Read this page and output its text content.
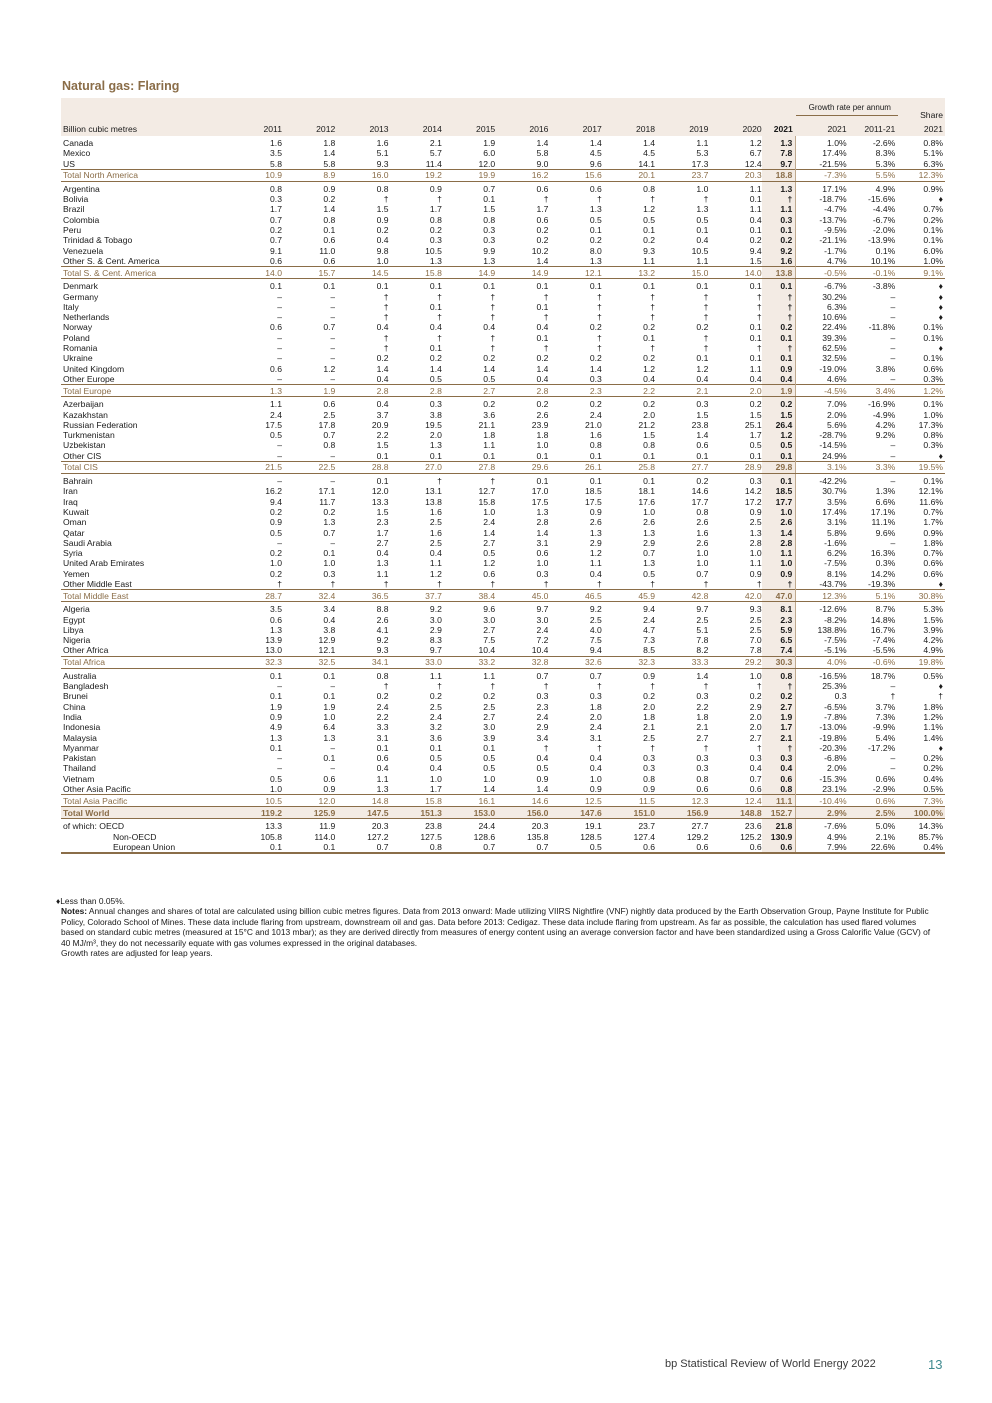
Natural gas: Flaring
												Growth rate per annum		Share
Billion cubic metres	2011	2012	2013	2014	2015	2016	2017	2018	2019	2020	2021	2021	2011-21	2021
Canada	1.6	1.8	1.6	2.1	1.9	1.4	1.4	1.4	1.1	1.2	1.3	1.0%	-2.6%	0.8%
Mexico	3.5	1.4	5.1	5.7	6.0	5.8	4.5	4.5	5.3	6.7	7.8	17.4%	8.3%	5.1%
US	5.8	5.8	9.3	11.4	12.0	9.0	9.6	14.1	17.3	12.4	9.7	-21.5%	5.3%	6.3%
Total North America	10.9	8.9	16.0	19.2	19.9	16.2	15.6	20.1	23.7	20.3	18.8	-7.3%	5.5%	12.3%
Argentina	0.8	0.9	0.8	0.9	0.7	0.6	0.6	0.8	1.0	1.1	1.3	17.1%	4.9%	0.9%
Bolivia	0.3	0.2	†	†	0.1	†	†	†	†	0.1	†	-18.7%	-15.6%	♦
Brazil	1.7	1.4	1.5	1.7	1.5	1.7	1.3	1.2	1.3	1.1	1.1	-4.7%	-4.4%	0.7%
Colombia	0.7	0.8	0.9	0.8	0.8	0.6	0.5	0.5	0.5	0.4	0.3	-13.7%	-6.7%	0.2%
Peru	0.2	0.1	0.2	0.2	0.3	0.2	0.1	0.1	0.1	0.1	0.1	-9.5%	-2.0%	0.1%
Trinidad & Tobago	0.7	0.6	0.4	0.3	0.3	0.2	0.2	0.2	0.4	0.2	0.2	-21.1%	-13.9%	0.1%
Venezuela	9.1	11.0	9.8	10.5	9.9	10.2	8.0	9.3	10.5	9.4	9.2	-1.7%	0.1%	6.0%
Other S. & Cent. America	0.6	0.6	1.0	1.3	1.3	1.4	1.3	1.1	1.1	1.5	1.6	4.7%	10.1%	1.0%
Total S. & Cent. America	14.0	15.7	14.5	15.8	14.9	14.9	12.1	13.2	15.0	14.0	13.8	-0.5%	-0.1%	9.1%
Denmark	0.1	0.1	0.1	0.1	0.1	0.1	0.1	0.1	0.1	0.1	0.1	-6.7%	-3.8%	♦
Germany	–	–	†	†	†	†	†	†	†	†	†	30.2%	–	♦
Italy	–	–	†	0.1	†	0.1	†	†	†	†	†	6.3%	–	♦
Netherlands	–	–	†	†	†	†	†	†	†	†	†	10.6%	–	♦
Norway	0.6	0.7	0.4	0.4	0.4	0.4	0.2	0.2	0.2	0.1	0.2	22.4%	-11.8%	0.1%
Poland	–	–	†	†	†	0.1	†	0.1	†	0.1	0.1	39.3%	–	0.1%
Romania	–	–	†	0.1	†	†	†	†	†	†	†	62.5%	–	♦
Ukraine	–	–	0.2	0.2	0.2	0.2	0.2	0.2	0.1	0.1	0.1	32.5%	–	0.1%
United Kingdom	0.6	1.2	1.4	1.4	1.4	1.4	1.4	1.2	1.2	1.1	0.9	-19.0%	3.8%	0.6%
Other Europe	–	–	0.4	0.5	0.5	0.4	0.3	0.4	0.4	0.4	0.4	4.6%	–	0.3%
Total Europe	1.3	1.9	2.8	2.8	2.7	2.8	2.3	2.2	2.1	2.0	1.9	-4.5%	3.4%	1.2%
Azerbaijan	1.1	0.6	0.4	0.3	0.2	0.2	0.2	0.2	0.3	0.2	0.2	7.0%	-16.9%	0.1%
Kazakhstan	2.4	2.5	3.7	3.8	3.6	2.6	2.4	2.0	1.5	1.5	1.5	2.0%	-4.9%	1.0%
Russian Federation	17.5	17.8	20.9	19.5	21.1	23.9	21.0	21.2	23.8	25.1	26.4	5.6%	4.2%	17.3%
Turkmenistan	0.5	0.7	2.2	2.0	1.8	1.8	1.6	1.5	1.4	1.7	1.2	-28.7%	9.2%	0.8%
Uzbekistan	–	0.8	1.5	1.3	1.1	1.0	0.8	0.8	0.6	0.5	0.5	-14.5%	–	0.3%
Other CIS	–	–	0.1	0.1	0.1	0.1	0.1	0.1	0.1	0.1	0.1	24.9%	–	♦
Total CIS	21.5	22.5	28.8	27.0	27.8	29.6	26.1	25.8	27.7	28.9	29.8	3.1%	3.3%	19.5%
Bahrain	–	–	0.1	†	†	0.1	0.1	0.1	0.2	0.3	0.1	-42.2%	–	0.1%
Iran	16.2	17.1	12.0	13.1	12.7	17.0	18.5	18.1	14.6	14.2	18.5	30.7%	1.3%	12.1%
Iraq	9.4	11.7	13.3	13.8	15.8	17.5	17.5	17.6	17.7	17.2	17.7	3.5%	6.6%	11.6%
Kuwait	0.2	0.2	1.5	1.6	1.0	1.3	0.9	1.0	0.8	0.9	1.0	17.4%	17.1%	0.7%
Oman	0.9	1.3	2.3	2.5	2.4	2.8	2.6	2.6	2.6	2.5	2.6	3.1%	11.1%	1.7%
Qatar	0.5	0.7	1.7	1.6	1.4	1.4	1.3	1.3	1.6	1.3	1.4	5.8%	9.6%	0.9%
Saudi Arabia	–	–	2.7	2.5	2.7	3.1	2.9	2.9	2.6	2.8	2.8	-1.6%	–	1.8%
Syria	0.2	0.1	0.4	0.4	0.5	0.6	1.2	0.7	1.0	1.0	1.1	6.2%	16.3%	0.7%
United Arab Emirates	1.0	1.0	1.3	1.1	1.2	1.0	1.1	1.3	1.0	1.1	1.0	-7.5%	0.3%	0.6%
Yemen	0.2	0.3	1.1	1.2	0.6	0.3	0.4	0.5	0.7	0.9	0.9	8.1%	14.2%	0.6%
Other Middle East	†	†	†	†	†	†	†	†	†	†	†	-43.7%	-19.3%	♦
Total Middle East	28.7	32.4	36.5	37.7	38.4	45.0	46.5	45.9	42.8	42.0	47.0	12.3%	5.1%	30.8%
Algeria	3.5	3.4	8.8	9.2	9.6	9.7	9.2	9.4	9.7	9.3	8.1	-12.6%	8.7%	5.3%
Egypt	0.6	0.4	2.6	3.0	3.0	3.0	2.5	2.4	2.5	2.5	2.3	-8.2%	14.8%	1.5%
Libya	1.3	3.8	4.1	2.9	2.7	2.4	4.0	4.7	5.1	2.5	5.9	138.8%	16.7%	3.9%
Nigeria	13.9	12.9	9.2	8.3	7.5	7.2	7.5	7.3	7.8	7.0	6.5	-7.5%	-7.4%	4.2%
Other Africa	13.0	12.1	9.3	9.7	10.4	10.4	9.4	8.5	8.2	7.8	7.4	-5.1%	-5.5%	4.9%
Total Africa	32.3	32.5	34.1	33.0	33.2	32.8	32.6	32.3	33.3	29.2	30.3	4.0%	-0.6%	19.8%
Australia	0.1	0.1	0.8	1.1	1.1	0.7	0.7	0.9	1.4	1.0	0.8	-16.5%	18.7%	0.5%
Bangladesh	–	–	†	†	†	†	†	†	†	†	†	25.3%	–	♦
Brunei	0.1	0.1	0.2	0.2	0.2	0.3	0.3	0.2	0.3	0.2	0.2	0.3	†	†
China	1.9	1.9	2.4	2.5	2.5	2.3	1.8	2.0	2.2	2.9	2.7	-6.5%	3.7%	1.8%
India	0.9	1.0	2.2	2.4	2.7	2.4	2.0	1.8	1.8	2.0	1.9	-7.8%	7.3%	1.2%
Indonesia	4.9	6.4	3.3	3.2	3.0	2.9	2.4	2.1	2.1	2.0	1.7	-13.0%	-9.9%	1.1%
Malaysia	1.3	1.3	3.1	3.6	3.9	3.4	3.1	2.5	2.7	2.7	2.1	-19.8%	5.4%	1.4%
Myanmar	0.1	–	0.1	0.1	0.1	†	†	†	†	†	†	-20.3%	-17.2%	♦
Pakistan	–	0.1	0.6	0.5	0.5	0.4	0.4	0.3	0.3	0.3	0.3	-6.8%	–	0.2%
Thailand	–	–	0.4	0.4	0.5	0.5	0.4	0.3	0.3	0.4	0.4	2.0%	–	0.2%
Vietnam	0.5	0.6	1.1	1.0	1.0	0.9	1.0	0.8	0.8	0.7	0.6	-15.3%	0.6%	0.4%
Other Asia Pacific	1.0	0.9	1.3	1.7	1.4	1.4	0.9	0.9	0.6	0.6	0.8	23.1%	-2.9%	0.5%
Total Asia Pacific	10.5	12.0	14.8	15.8	16.1	14.6	12.5	11.5	12.3	12.4	11.1	-10.4%	0.6%	7.3%
Total World	119.2	125.9	147.5	151.3	153.0	156.0	147.6	151.0	156.9	148.8	152.7	2.9%	2.5%	100.0%
of which: OECD	13.3	11.9	20.3	23.8	24.4	20.3	19.1	23.7	27.7	23.6	21.8	-7.6%	5.0%	14.3%
Non-OECD	105.8	114.0	127.2	127.5	128.6	135.8	128.5	127.4	129.2	125.2	130.9	4.9%	2.1%	85.7%
European Union	0.1	0.1	0.7	0.8	0.7	0.7	0.5	0.6	0.6	0.6	0.6	7.9%	22.6%	0.4%

♦Less than 0.05%.

Notes: Annual changes and shares of total are calculated using billion cubic metres figures. Data from 2013 onward: Made utilizing VIIRS Nightfire (VNF) nightly data produced by the Earth Observation Group, Payne Institute for Public Policy, Colorado School of Mines. These data include flaring from upstream, downstream oil and gas. Data before 2013: Cedigaz. These data include flaring from upstream. As far as possible, the calculation has used flared volumes based on standard cubic metres (measured at 15°C and 1013 mbar); as they are derived directly from measures of energy content using an average conversion factor and have been standardized using a Gross Calorific Value (GCV) of 40 MJ/m³, they do not necessarily equate with gas volumes expressed in the original databases.

Growth rates are adjusted for leap years.

bp Statistical Review of World Energy 2022	13
